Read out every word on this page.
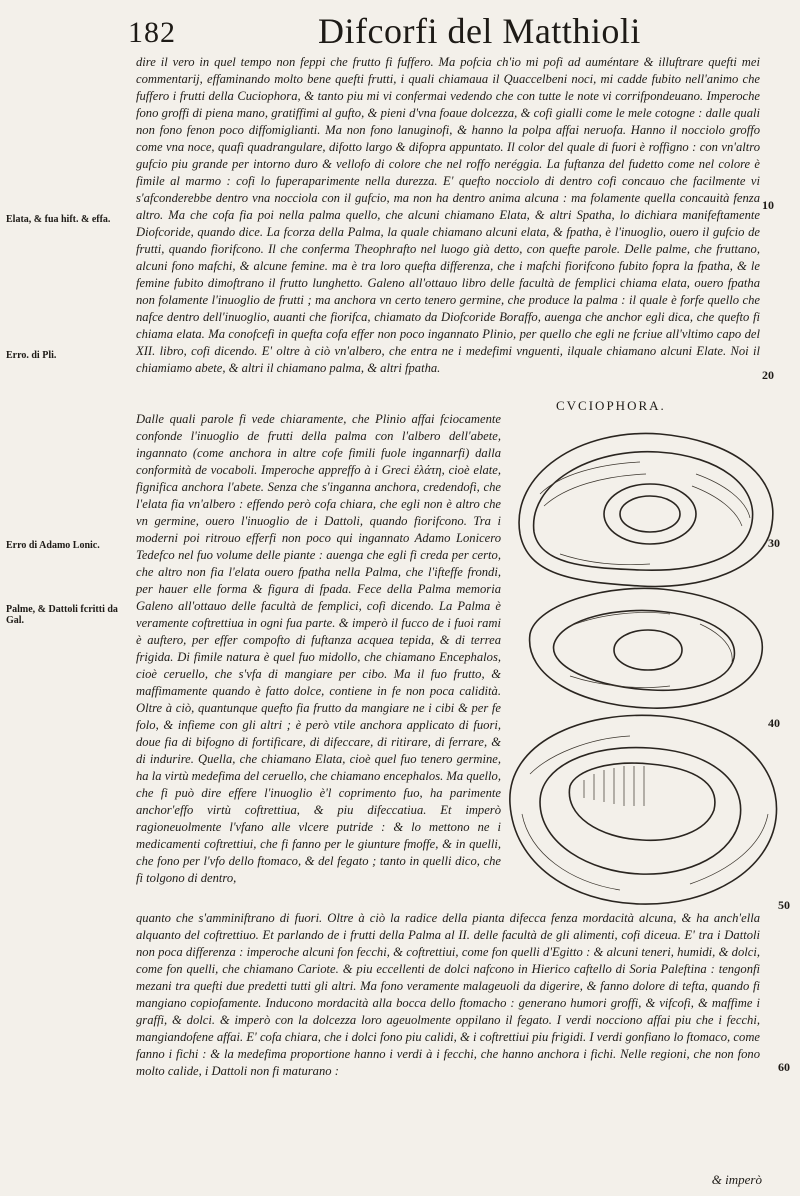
182	Difcorfi del Matthioli

dire il vero in quel tempo non feppi che frutto fi fuffero. Ma pofcia ch'io mi pofi ad auméntare & illuftrare quefti mei commentarij, effaminando molto bene quefti frutti, i quali chiamaua il Quaccelbeni noci, mi cadde fubito nell'animo che fuffero i frutti della Cuciophora, & tanto piu mi vi confermai vedendo che con tutte le note vi corrifpondeuano. Imperoche fono groffi di piena mano, gratiffimi al gufto, & pieni d'vna foaue dolcezza, & cofi gialli come le mele cotogne : dalle quali non fono fenon poco diffomiglianti. Ma non fono lanuginofi, & hanno la polpa affai neruofa. Hanno il nocciolo groffo come vna noce, quafi quadrangulare, difotto largo & difopra appuntato. Il color del quale di fuori è roffigno : con vn'altro gufcio piu grande per intorno duro & vellofo di colore che nel roffo neréggia. La fuftanza del fudetto come nel colore è fimile al marmo : cofi lo fuperaparimente nella durezza. E' quefto nocciolo di dentro cofi concauo che facilmente vi s'afconderebbe dentro vna nocciola con il gufcio, ma non ha dentro anima alcuna : ma folamente quella concauità fenza altro. Ma che cofa fia poi nella palma quello, che alcuni chiamano Elata, & altri Spatha, lo dichiara manifeftamente Diofcoride, quando dice. La fcorza della Palma, la quale chiamano alcuni elata, & fpatha, è l'inuoglio, ouero il gufcio de frutti, quando fiorifcono. Il che conferma Theophrafto nel luogo già detto, con quefte parole. Delle palme, che fruttano, alcuni fono mafchi, & alcune femine. ma è tra loro quefta differenza, che i mafchi fiorifcono fubito fopra la fpatha, & le femine fubito dimoftrano il frutto lunghetto. Galeno all'ottauo libro delle facultà de femplici chiama elata, ouero fpatha non folamente l'inuoglio de frutti ; ma anchora vn certo tenero germine, che produce la palma : il quale è forfe quello che nafce dentro dell'inuoglio, auanti che fiorifca, chiamato da Diofcoride Boraffo, auenga che anchor egli dica, che quefto fi chiama elata. Ma conofcefi in quefta cofa effer non poco ingannato Plinio, per quello che egli ne fcriue all'vltimo capo del XII. libro, cofi dicendo. E' oltre à ciò vn'albero, che entra ne i medefimi vnguenti, ilquale chiamano alcuni Elate. Noi il chiamiamo abete, & altri il chiamano palma, & altri fpatha.

Dalle quali parole fi vede chiaramente, che Plinio affai fciocamente confonde l'inuoglio de frutti della palma con l'albero dell'abete, ingannato (come anchora in altre cofe fimili fuole ingannarfi) dalla conformità de vocaboli. Imperoche appreffo à i Greci ἐλάτη, cioè elate, fignifica anchora l'abete. Senza che s'inganna anchora, credendofi, che l'elata fia vn'albero : effendo però cofa chiara, che egli non è altro che vn germine, ouero l'inuoglio de i Dattoli, quando fiorifcono. Tra i moderni poi ritrouo efferfi non poco qui ingannato Adamo Lonicero Tedefco nel fuo volume delle piante : auenga che egli fi creda per certo, che altro non fia l'elata ouero fpatha nella Palma, che l'ifteffe frondi, per hauer elle forma & figura di fpada. Fece della Palma memoria Galeno all'ottauo delle facultà de femplici, cofi dicendo. La Palma è veramente coftrettiua in ogni fua parte. & imperò il fucco de i fuoi rami è auftero, per effer compofto di fuftanza acquea tepida, & di terrea frigida. Di fimile natura è quel fuo midollo, che chiamano Encephalos, cioè ceruello, che s'vfa di mangiare per cibo. Ma il fuo frutto, & maffimamente quando è fatto dolce, contiene in fe non poca calidità. Oltre à ciò, quantunque quefto fia frutto da mangiare ne i cibi & per fe folo, & infieme con gli altri ; è però vtile anchora applicato di fuori, doue fia di bifogno di fortificare, di difeccare, di ritirare, di ferrare, & di indurire. Quella, che chiamano Elata, cioè quel fuo tenero germine, ha la virtù medefima del ceruello, che chiamano encephalos. Ma quello, che fi può dire effere l'inuoglio è'l coprimento fuo, ha parimente anchor'effo virtù coftrettiua, & piu difeccatiua. Et imperò ragioneuolmente l'vfano alle vlcere putride : & lo mettono ne i medicamenti coftrettiui, che fi fanno per le giunture fmoffe, & in quelli, che fono per l'vfo dello ftomaco, & del fegato ; tanto in quelli dico, che fi tolgono di dentro,

quanto che s'amminiftrano di fuori. Oltre à ciò la radice della pianta difecca fenza mordacità alcuna, & ha anch'ella alquanto del coftrettiuo. Et parlando de i frutti della Palma al II. delle facultà de gli alimenti, cofi diceua. E' tra i Dattoli non poca differenza : imperoche alcuni fon fecchi, & coftrettiui, come fon quelli d'Egitto : & alcuni teneri, humidi, & dolci, come fon quelli, che chiamano Cariote. & piu eccellenti de dolci nafcono in Hierico caftello di Soria Paleftina : tengonfi mezani tra quefti due predetti tutti gli altri. Ma fono veramente malageuoli da digerire, & fanno dolore di tefta, quando fi mangiano copiofamente. Inducono mordacità alla bocca dello ftomacho : generano humori groffi, & vifcofi, & maffime i graffi, & dolci. & imperò con la dolcezza loro ageuolmente oppilano il fegato. I verdi nocciono affai piu che i fecchi, mangiandofene affai. E' cofa chiara, che i dolci fono piu calidi, & i coftrettiui piu frigidi. I verdi gonfiano lo ftomaco, come fanno i fichi : & la medefima proportione hanno i verdi à i fecchi, che hanno anchora i fichi. Nelle regioni, che non fono molto calide, i Dattoli non fi maturano :

& imperò
Elata, & fua hift. & effa.
Erro. di Pli.
Erro di Adamo Lonic.
Palme, & Dattoli fcritti da Gal.
10
20
30
40
50
60
CVCIOPHORA.
